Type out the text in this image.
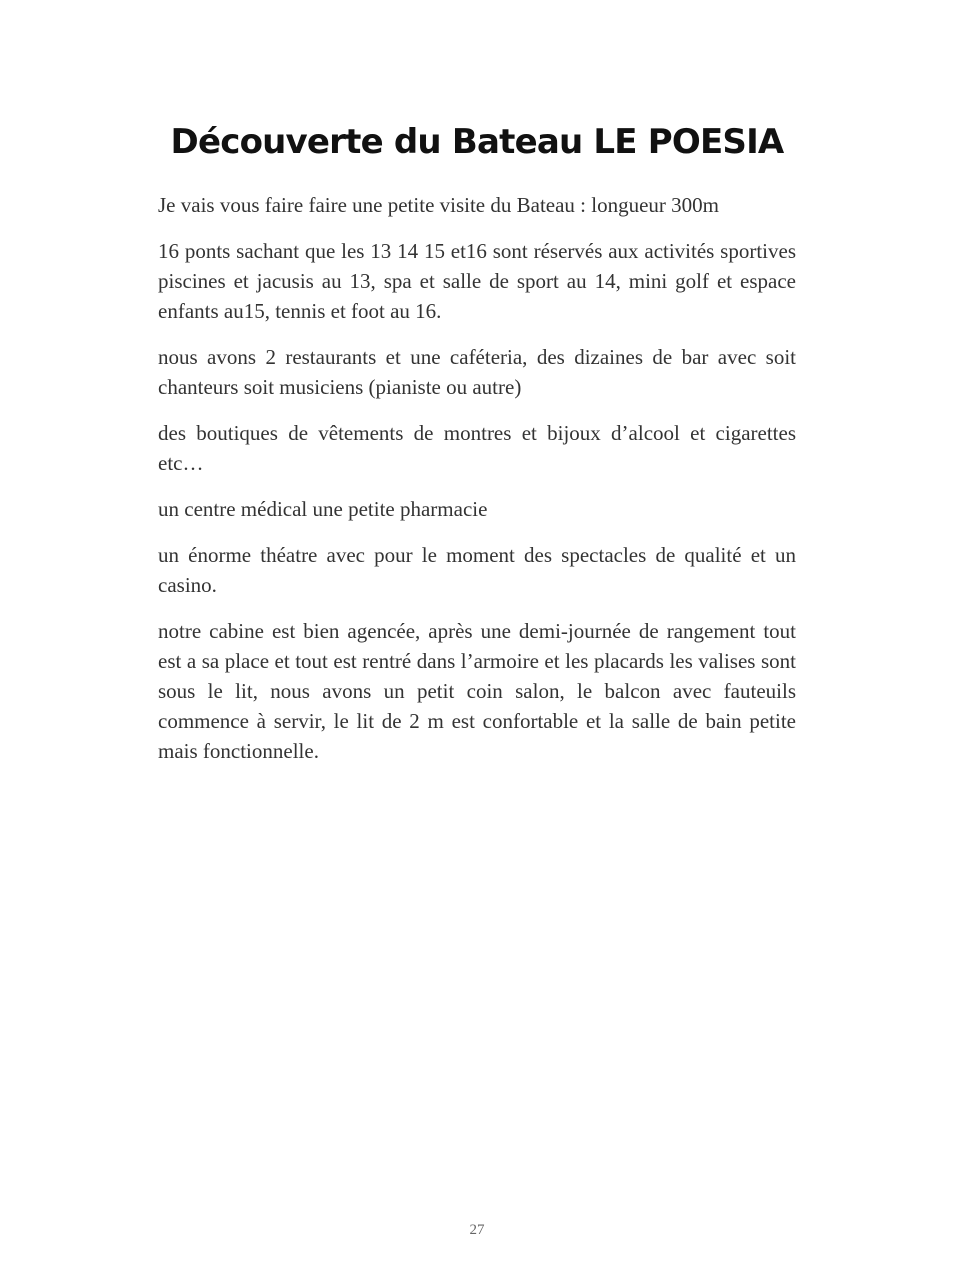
Découverte du Bateau LE POESIA

Je vais vous faire faire une petite visite du Bateau : longueur 300m

16 ponts sachant que les 13 14 15 et16 sont réservés aux activités sportives piscines et jacusis au 13, spa et salle de sport au 14, mini golf et espace enfants au15, tennis et foot au 16.

nous avons 2 restaurants et une caféteria, des dizaines de bar avec soit chanteurs soit musiciens (pianiste ou autre)

des boutiques de vêtements de montres et bijoux d’alcool et cigarettes etc…

un centre médical une petite pharmacie

un énorme théatre avec pour le moment des spectacles de qualité et un casino.

notre cabine est bien agencée, après une demi-journée de rangement tout est a sa place et tout est rentré dans l’armoire et les placards les valises sont sous le lit, nous avons un petit coin salon, le balcon avec fauteuils commence à servir, le lit de 2 m est confortable et la salle de bain petite mais fonctionnelle.

27
